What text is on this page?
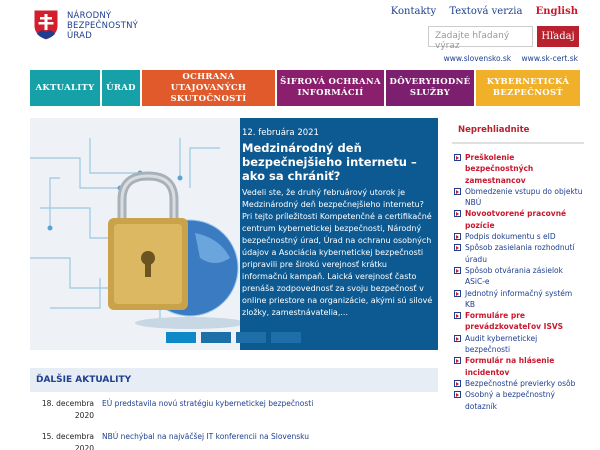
NÁRODNÝ
BEZPEČNOSTNÝ
ÚRAD
Kontakty Textová verzia English
Zadajte hľadaný výraz
Hľadaj
www.slovensko.sk www.sk-cert.sk
AKTUALITY	ÚRAD
OCHRANA UTAJOVANÝCH SKUTOČNOSTÍ
ŠIFROVÁ OCHRANA INFORMÁCIÍ
DÔVERYHODNÉ SLUŽBY
KYBERNETICKÁ BEZPEČNOSŤ
12. februára 2021
Medzinárodný deň bezpečnejšieho internetu – ako sa chrániť?
Vedeli ste, že druhý februárový utorok je Medzinárodný deň bezpečnejšieho internetu? Pri tejto príležitosti Kompetenčné a certifikačné centrum kybernetickej bezpečnosti, Národný bezpečnostný úrad, Úrad na ochranu osobných údajov a Asociácia kybernetickej bezpečnosti pripravili pre širokú verejnosť krátku informačnú kampaň. Laická verejnosť často prenáša zodpovednosť za svoju bezpečnosť v online priestore na organizácie, akými sú silové zložky, zamestnávatelia,...
ĎALŠIE AKTUALITY
18. decembra
2020
EÚ predstavila novú stratégiu kybernetickej bezpečnosti
15. decembra
2020
NBÚ nechýbal na najväčšej IT konferencii na Slovensku
Neprehliadnite
Preškolenie bezpečnostných zamestnancov
Obmedzenie vstupu do objektu NBÚ
Novootvorené pracovné pozície
Podpis dokumentu s eID
Spôsob zasielania rozhodnutí úradu
Spôsob otvárania zásielok ASiC-e
Jednotný informačný systém KB
Formuláre pre prevádzkovateľov ISVS
Audit kybernetickej bezpečnosti
Formulár na hlásenie incidentov
Bezpečnostné previerky osôb
Osobný a bezpečnostný dotazník
